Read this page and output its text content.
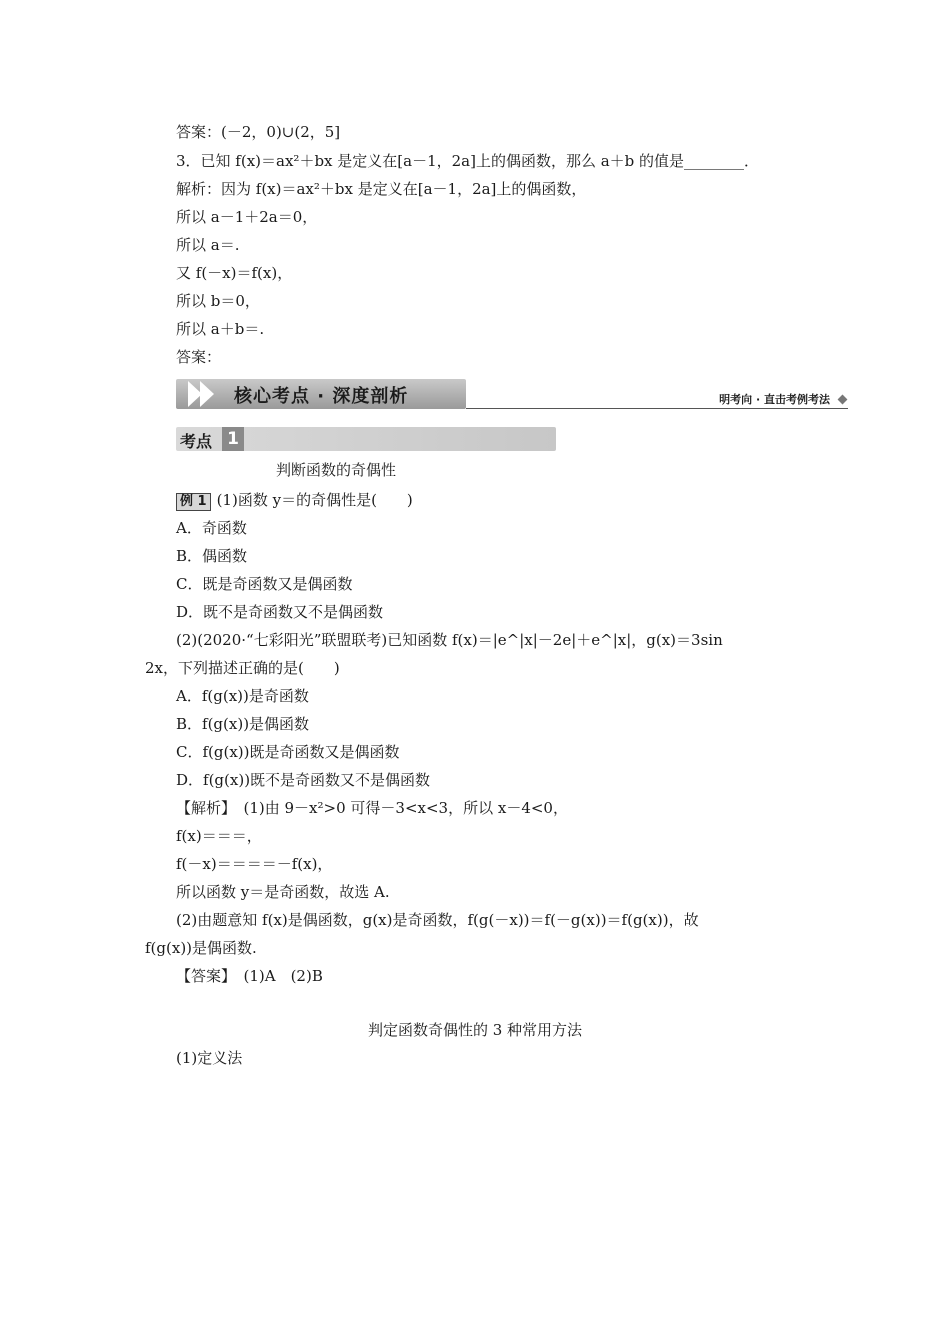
答案：(－2，0)∪(2，5]
3．已知 f(x)＝ax²＋bx 是定义在[a－1，2a]上的偶函数，那么 a＋b 的值是________．
解析：因为 f(x)＝ax²＋bx 是定义在[a－1，2a]上的偶函数，
所以 a－1＋2a＝0，
所以 a＝.
又 f(－x)＝f(x)，
所以 b＝0，
所以 a＋b＝.
答案：
核心考点 · 深度剖析	明考向 · 直击考例考法
考点 1
判断函数的奇偶性
例 1 (1)函数 y＝的奇偶性是(　　)
A．奇函数
B．偶函数
C．既是奇函数又是偶函数
D．既不是奇函数又不是偶函数
(2)(2020·“七彩阳光”联盟联考)已知函数 f(x)＝|e^|x|－2e|＋e^|x|，g(x)＝3sin
2x，下列描述正确的是(　　)
A．f(g(x))是奇函数
B．f(g(x))是偶函数
C．f(g(x))既是奇函数又是偶函数
D．f(g(x))既不是奇函数又不是偶函数
【解析】　(1)由 9－x²>0 可得－3<x<3，所以 x－4<0，
f(x)＝＝＝，
f(－x)＝＝＝＝－f(x)，
所以函数 y＝是奇函数，故选 A.
(2)由题意知 f(x)是偶函数，g(x)是奇函数，f(g(－x))＝f(－g(x))＝f(g(x))，故
f(g(x))是偶函数.
【答案】　(1)A　(2)B
判定函数奇偶性的 3 种常用方法
(1)定义法
